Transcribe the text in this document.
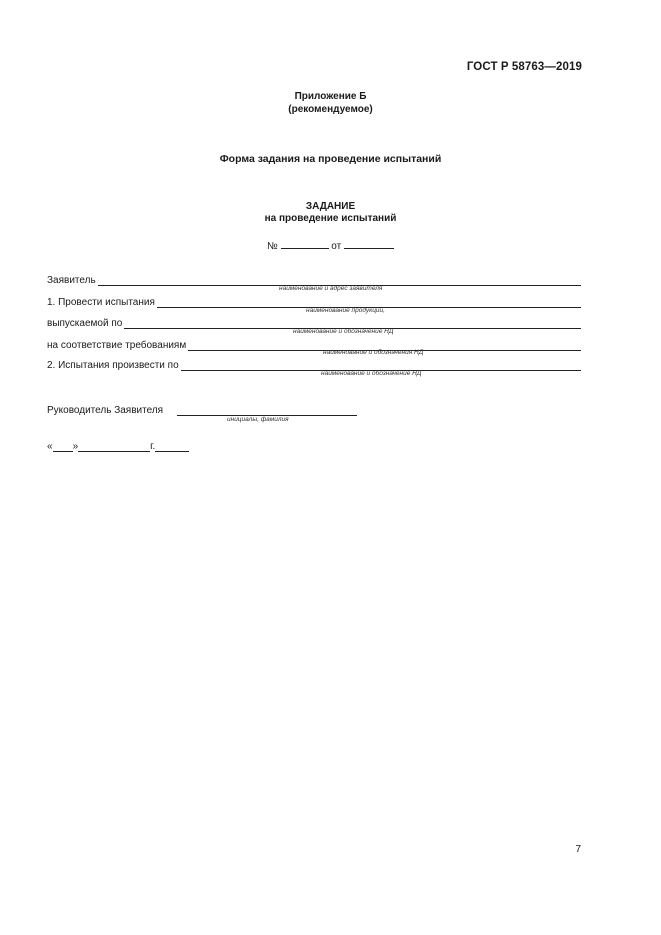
ГОСТ Р 58763—2019
Приложение Б
(рекомендуемое)
Форма задания на проведение испытаний
ЗАДАНИЕ
на проведение испытаний
№	от
Заявитель
наименование и адрес заявителя
1. Провести испытания
наименование продукции,
выпускаемой по
наименование и обозначение НД
на соответствие требованиям
наименование и обозначения НД
2. Испытания произвести по
наименование и обозначение НД
Руководитель Заявителя
инициалы, фамилия
« »	г.
7
